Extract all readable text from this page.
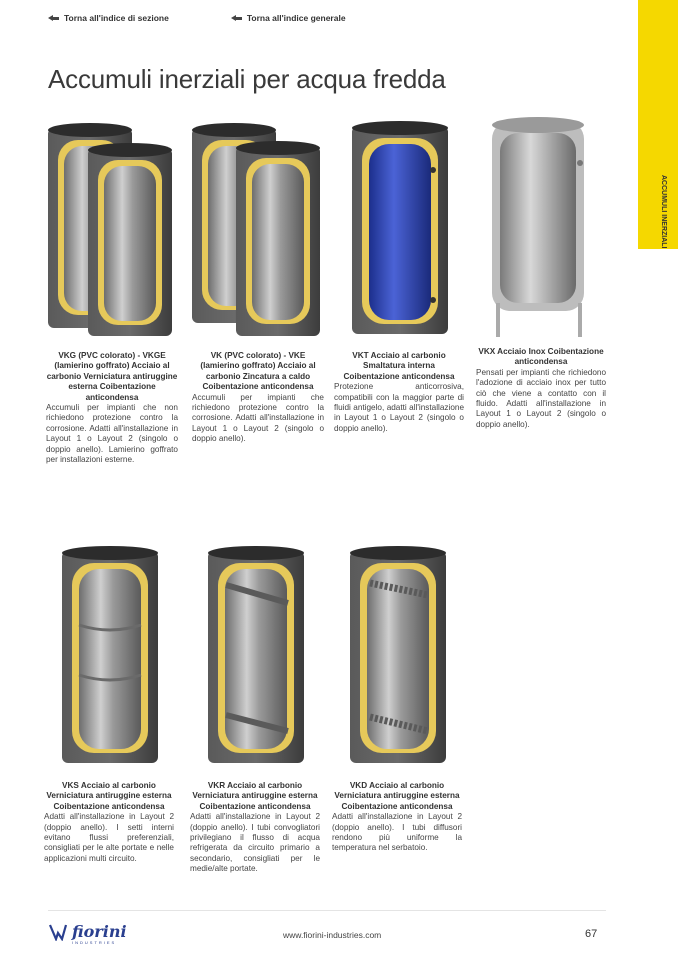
Torna all'indice di sezione	Torna all'indice generale
ACCUMULI INERZIALI
Accumuli inerziali per acqua fredda
VKG (PVC colorato) - VKGE (lamierino goffrato) Acciaio al carbonio Verniciatura antiruggine esterna Coibentazione anticondensa
Accumuli per impianti che non richiedono protezione contro la corrosione. Adatti all'installazione in Layout 1 o Layout 2 (singolo o doppio anello). Lamierino goffrato per installazioni esterne.
VK (PVC colorato) - VKE (lamierino goffrato) Acciaio al carbonio Zincatura a caldo Coibentazione anticondensa
Accumuli per impianti che richiedono protezione contro la corrosione. Adatti all'installazione in Layout 1 o Layout 2 (singolo o doppio anello).
VKT Acciaio al carbonio Smaltatura interna Coibentazione anticondensa
Protezione anticorrosiva, compatibili con la maggior parte di fluidi antigelo, adatti all'installazione in Layout 1 o Layout 2 (singolo o doppio anello).
VKX Acciaio Inox Coibentazione anticondensa
Pensati per impianti che richiedono l'adozione di acciaio inox per tutto ciò che viene a contatto con il fluido. Adatti all'installazione in Layout 1 o Layout 2 (singolo o doppio anello).
VKS Acciaio al carbonio Verniciatura antiruggine esterna Coibentazione anticondensa
Adatti all'installazione in Layout 2 (doppio anello). I setti interni evitano flussi preferenziali, consigliati per le alte portate e nelle applicazioni multi circuito.
VKR Acciaio al carbonio Verniciatura antiruggine esterna Coibentazione anticondensa
Adatti all'installazione in Layout 2 (doppio anello). I tubi convogliatori privilegiano il flusso di acqua refrigerata da circuito primario a secondario, consigliati per le medie/alte portate.
VKD Acciaio al carbonio Verniciatura antiruggine esterna Coibentazione anticondensa
Adatti all'installazione in Layout 2 (doppio anello). I tubi diffusori rendono più uniforme la temperatura nel serbatoio.
fiorini
INDUSTRIES
www.fiorini-industries.com	67
